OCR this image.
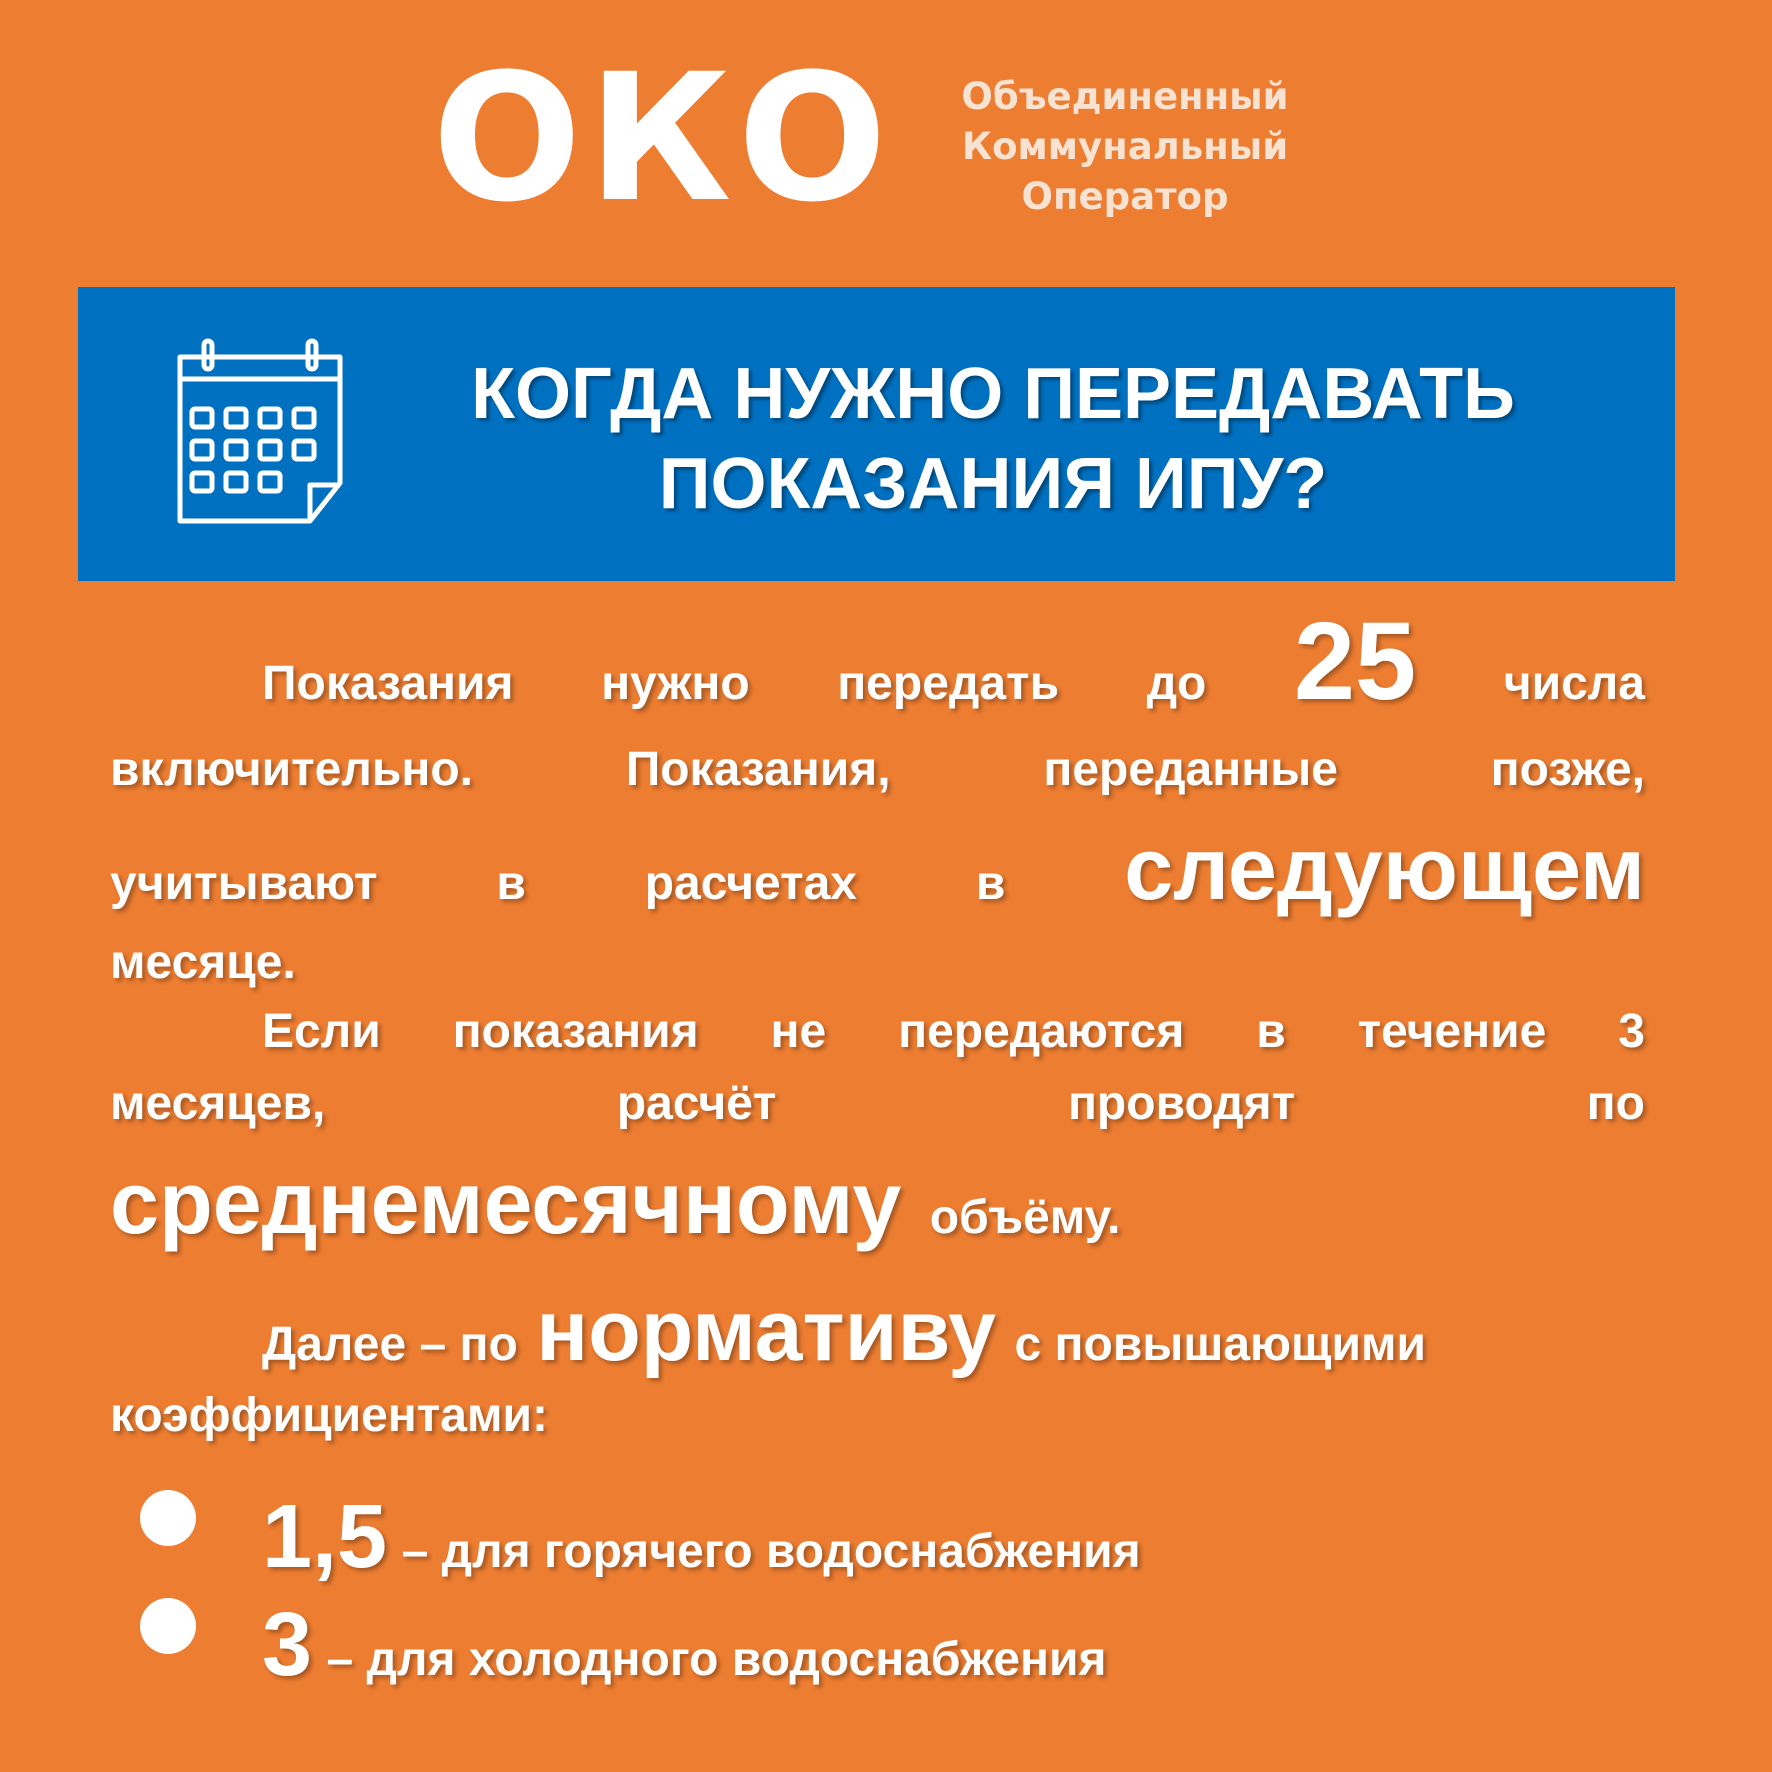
ОКО	Объединенный
Коммунальный
Оператор
КОГДА НУЖНО ПЕРЕДАВАТЬ
ПОКАЗАНИЯ ИПУ?
Показания нужно передать до 25 числа
включительно.	Показания,	переданные	позже,
учитывают в расчетах в следующем
месяце.
Если показания не передаются в течение 3
месяцев,	расчёт	проводят	по
среднемесячному объёму.
Далее – по нормативу с повышающими
коэффициентами:
1,5 – для горячего водоснабжения
3 – для холодного водоснабжения
